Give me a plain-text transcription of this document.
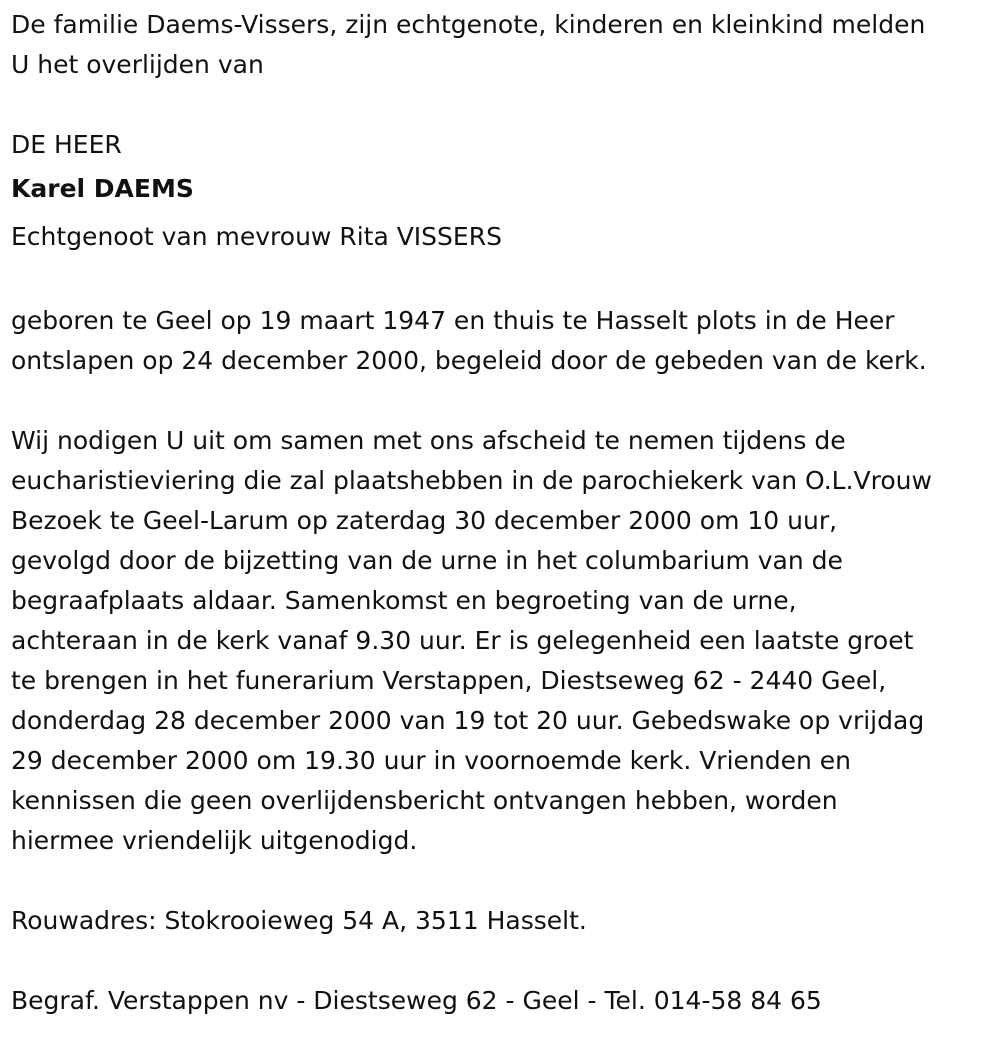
De familie Daems-Vissers, zijn echtgenote, kinderen en kleinkind melden

U het overlijden van

DE HEER

Karel DAEMS

Echtgenoot van mevrouw Rita VISSERS

geboren te Geel op 19 maart 1947 en thuis te Hasselt plots in de Heer

ontslapen op 24 december 2000, begeleid door de gebeden van de kerk.

Wij nodigen U uit om samen met ons afscheid te nemen tijdens de

eucharistieviering die zal plaatshebben in de parochiekerk van O.L.Vrouw

Bezoek te Geel-Larum op zaterdag 30 december 2000 om 10 uur,

gevolgd door de bijzetting van de urne in het columbarium van de

begraafplaats aldaar. Samenkomst en begroeting van de urne,

achteraan in de kerk vanaf 9.30 uur. Er is gelegenheid een laatste groet

te brengen in het funerarium Verstappen, Diestseweg 62 - 2440 Geel,

donderdag 28 december 2000 van 19 tot 20 uur. Gebedswake op vrijdag

29 december 2000 om 19.30 uur in voornoemde kerk. Vrienden en

kennissen die geen overlijdensbericht ontvangen hebben, worden

hiermee vriendelijk uitgenodigd.

Rouwadres: Stokrooieweg 54 A, 3511 Hasselt.

Begraf. Verstappen nv - Diestseweg 62 - Geel - Tel. 014-58 84 65
